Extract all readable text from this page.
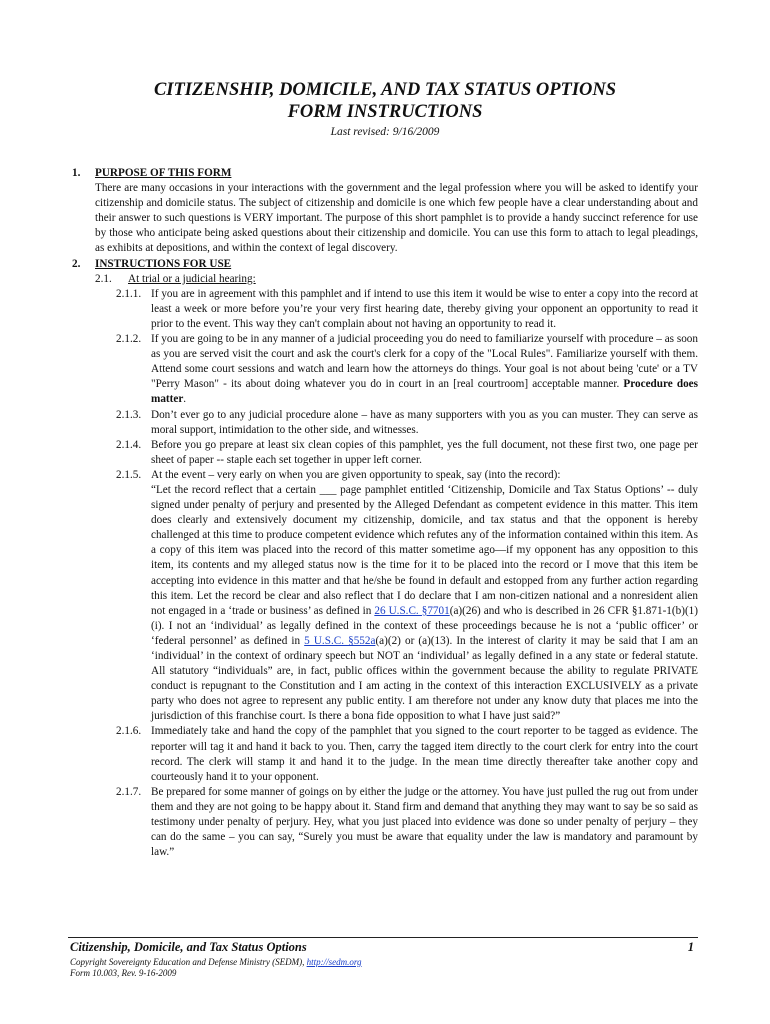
CITIZENSHIP, DOMICILE, AND TAX STATUS OPTIONS
FORM INSTRUCTIONS
Last revised: 9/16/2009
1. PURPOSE OF THIS FORM

There are many occasions in your interactions with the government and the legal profession where you will be asked to identify your citizenship and domicile status. The subject of citizenship and domicile is one which few people have a clear understanding about and their answer to such questions is VERY important. The purpose of this short pamphlet is to provide a handy succinct reference for use by those who anticipate being asked questions about their citizenship and domicile. You can use this form to attach to legal pleadings, as exhibits at depositions, and within the context of legal discovery.

2. INSTRUCTIONS FOR USE
2.1. At trial or a judicial hearing:
2.1.1. If you are in agreement with this pamphlet and if intend to use this item it would be wise to enter a copy into the record at least a week or more before you’re your very first hearing date, thereby giving your opponent an opportunity to read it prior to the event. This way they can't complain about not having an opportunity to read it.
2.1.2. If you are going to be in any manner of a judicial proceeding you do need to familiarize yourself with procedure – as soon as you are served visit the court and ask the court's clerk for a copy of the "Local Rules". Familiarize yourself with them. Attend some court sessions and watch and learn how the attorneys do things. Your goal is not about being 'cute' or a TV "Perry Mason" - its about doing whatever you do in court in an [real courtroom] acceptable manner. Procedure does matter.
2.1.3. Don’t ever go to any judicial procedure alone – have as many supporters with you as you can muster. They can serve as moral support, intimidation to the other side, and witnesses.
2.1.4. Before you go prepare at least six clean copies of this pamphlet, yes the full document, not these first two, one page per sheet of paper -- staple each set together in upper left corner.
2.1.5. At the event – very early on when you are given opportunity to speak, say (into the record):
“Let the record reflect that a certain ___ page pamphlet entitled ‘Citizenship, Domicile and Tax Status Options’ -- duly signed under penalty of perjury and presented by the Alleged Defendant as competent evidence in this matter. This item does clearly and extensively document my citizenship, domicile, and tax status and that the opponent is hereby challenged at this time to produce competent evidence which refutes any of the information contained within this item. As a copy of this item was placed into the record of this matter sometime ago—if my opponent has any opposition to this item, its contents and my alleged status now is the time for it to be placed into the record or I move that this item be accepting into evidence in this matter and that he/she be found in default and estopped from any further action regarding this item. Let the record be clear and also reflect that I do declare that I am non-citizen national and a nonresident alien not engaged in a ‘trade or business’ as defined in 26 U.S.C. §7701(a)(26) and who is described in 26 CFR §1.871-1(b)(1)(i). I not an ‘individual’ as legally defined in the context of these proceedings because he is not a ‘public officer’ or ‘federal personnel’ as defined in 5 U.S.C. §552a(a)(2) or (a)(13). In the interest of clarity it may be said that I am an ‘individual’ in the context of ordinary speech but NOT an ‘individual’ as legally defined in a any state or federal statute. All statutory “individuals” are, in fact, public offices within the government because the ability to regulate PRIVATE conduct is repugnant to the Constitution and I am acting in the context of this interaction EXCLUSIVELY as a private party who does not agree to represent any public entity. I am therefore not under any know duty that places me into the jurisdiction of this franchise court. Is there a bona fide opposition to what I have just said?”
2.1.6. Immediately take and hand the copy of the pamphlet that you signed to the court reporter to be tagged as evidence. The reporter will tag it and hand it back to you. Then, carry the tagged item directly to the court clerk for entry into the court record. The clerk will stamp it and hand it to the judge. In the mean time directly thereafter take another copy and courteously hand it to your opponent.
2.1.7. Be prepared for some manner of goings on by either the judge or the attorney. You have just pulled the rug out from under them and they are not going to be happy about it. Stand firm and demand that anything they may want to say be so said as testimony under penalty of perjury. Hey, what you just placed into evidence was done so under penalty of perjury – they can do the same – you can say, “Surely you must be aware that equality under the law is mandatory and paramount by law.”
Citizenship, Domicile, and Tax Status Options	1
Copyright Sovereignty Education and Defense Ministry (SEDM), http://sedm.org
Form 10.003, Rev. 9-16-2009
